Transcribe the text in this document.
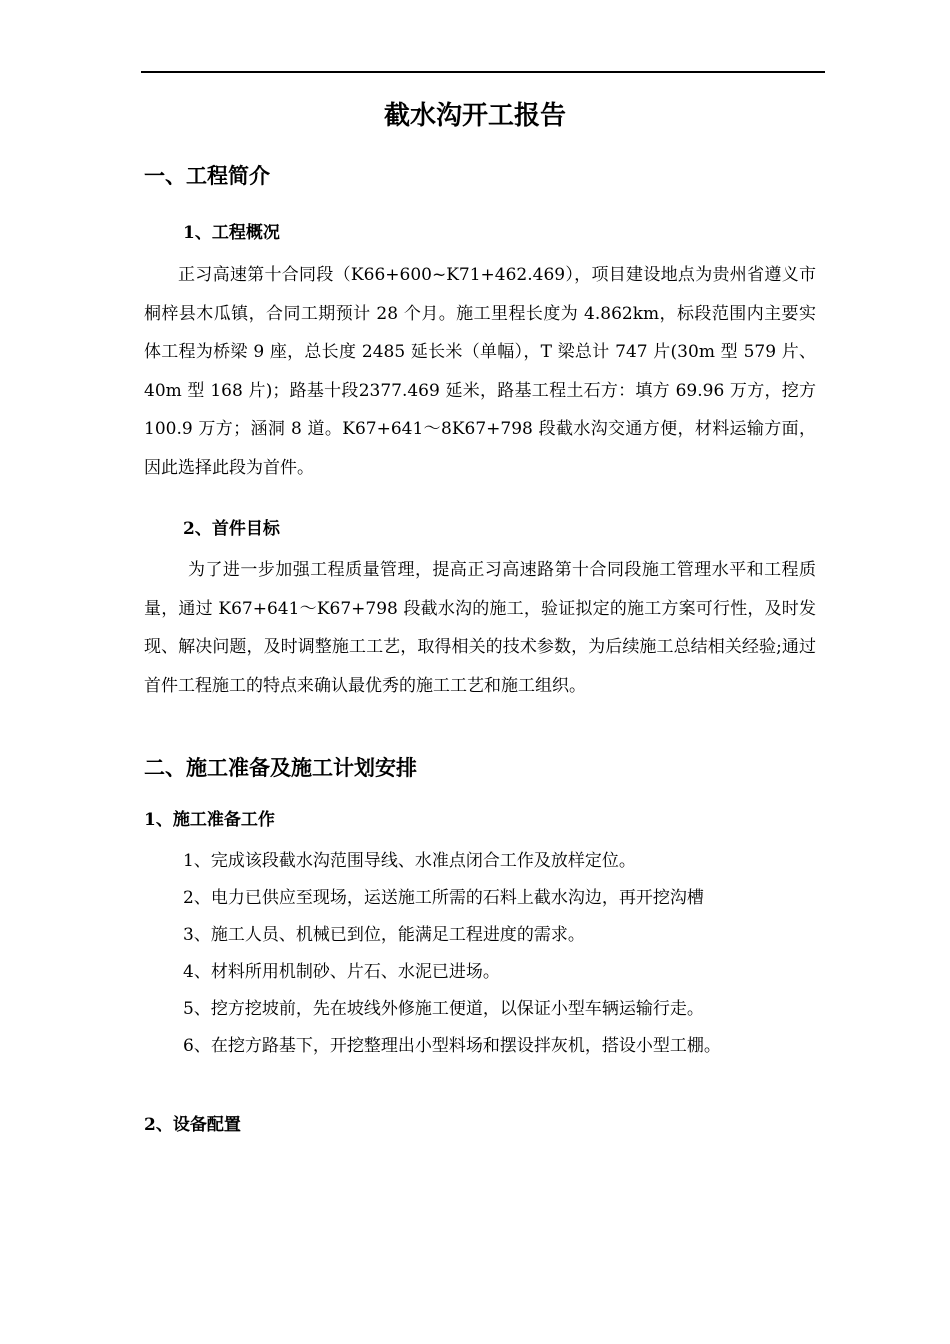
截水沟开工报告
一、工程简介
1、工程概况
正习高速第十合同段（K66+600~K71+462.469），项目建设地点为贵州省遵义市桐梓县木瓜镇，合同工期预计 28 个月。施工里程长度为 4.862km，标段范围内主要实体工程为桥梁 9 座，总长度 2485 延长米（单幅），T 梁总计 747 片(30m 型 579 片、40m 型 168 片)；路基十段2377.469 延米，路基工程土石方：填方 69.96 万方，挖方 100.9 万方；涵洞 8 道。K67+641～8K67+798 段截水沟交通方便，材料运输方面，因此选择此段为首件。
2、首件目标
为了进一步加强工程质量管理，提高正习高速路第十合同段施工管理水平和工程质量，通过 K67+641～K67+798 段截水沟的施工，验证拟定的施工方案可行性，及时发现、解决问题，及时调整施工工艺，取得相关的技术参数，为后续施工总结相关经验;通过首件工程施工的特点来确认最优秀的施工工艺和施工组织。
二、施工准备及施工计划安排
1、施工准备工作
1、完成该段截水沟范围导线、水准点闭合工作及放样定位。
2、电力已供应至现场，运送施工所需的石料上截水沟边，再开挖沟槽
3、施工人员、机械已到位，能满足工程进度的需求。
4、材料所用机制砂、片石、水泥已进场。
5、挖方挖坡前，先在坡线外修施工便道，以保证小型车辆运输行走。
6、在挖方路基下，开挖整理出小型料场和摆设拌灰机，搭设小型工棚。
2、设备配置
